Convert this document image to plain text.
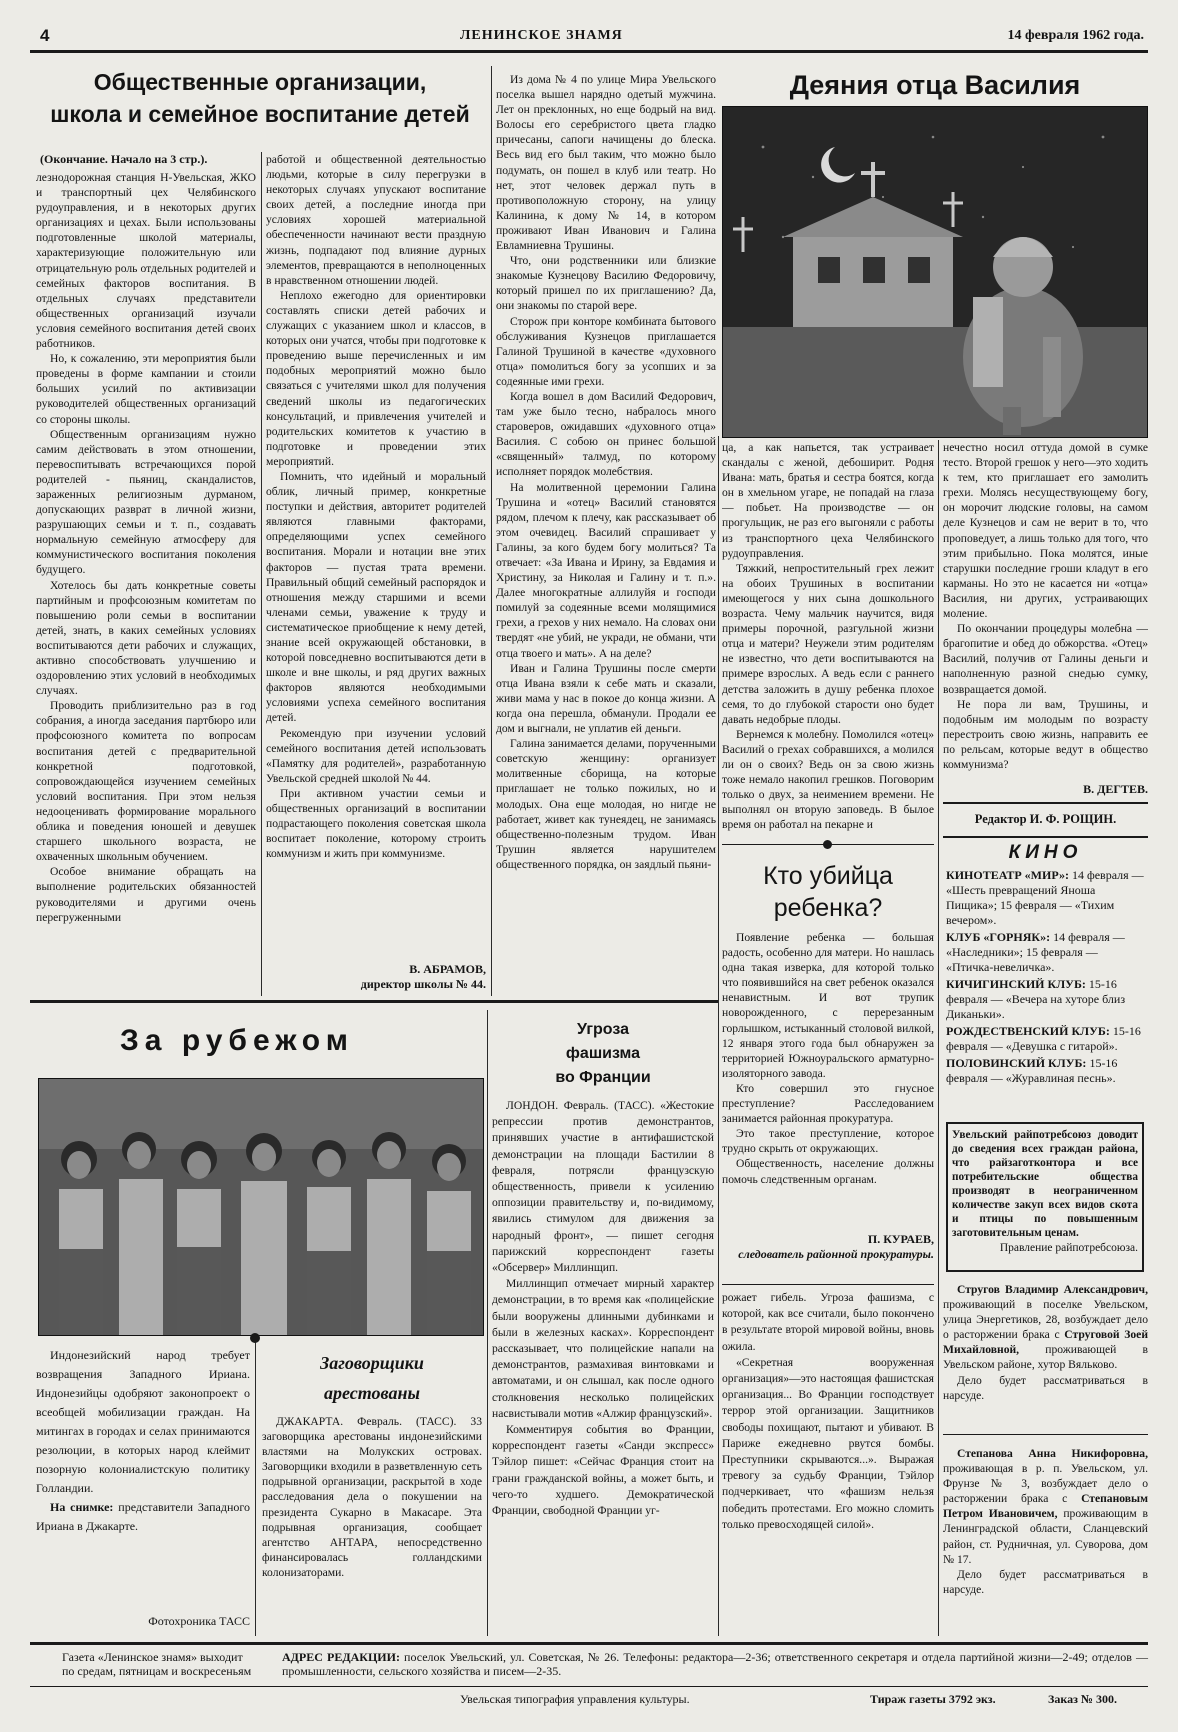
4	ЛЕНИНСКОЕ ЗНАМЯ	14 февраля 1962 года.
Общественные организации,
школа и семейное воспитание детей
(Окончание. Начало на 3 стр.).

лезнодорожная станция Н-Увельская, ЖКО и транспортный цех Челябинского рудоуправления, и в некоторых других организациях и цехах. Были использованы подготовленные школой материалы, характеризующие положительную или отрицательную роль отдельных родителей и семейных факторов воспитания. В отдельных случаях представители общественных организаций изучали условия семейного воспитания детей своих работников.

Но, к сожалению, эти мероприятия были проведены в форме кампании и стоили больших усилий по активизации руководителей общественных организаций со стороны школы.

Общественным организациям нужно самим действовать в этом отношении, перевоспитывать встречающихся порой родителей - пьяниц, скандалистов, зараженных религиозным дурманом, допускающих разврат в личной жизни, разрушающих семьи и т. п., создавать нормальную семейную атмосферу для коммунистического воспитания поколения будущего.

Хотелось бы дать конкретные советы партийным и профсоюзным комитетам по повышению роли семьи в воспитании детей, знать, в каких семейных условиях воспитываются дети рабочих и служащих, активно способствовать улучшению и оздоровлению этих условий в необходимых случаях.

Проводить приблизительно раз в год собрания, а иногда заседания партбюро или профсоюзного комитета по вопросам воспитания детей с предварительной конкретной подготовкой, сопровождающейся изучением семейных условий воспитания. При этом нельзя недооценивать формирование морального облика и поведения юношей и девушек старшего школьного возраста, не охваченных школьным обучением.

Особое внимание обращать на выполнение родительских обязанностей руководителями и другими очень перегруженными

работой и общественной деятельностью людьми, которые в силу перегрузки в некоторых случаях упускают воспитание своих детей, а последние иногда при условиях хорошей материальной обеспеченности начинают вести праздную жизнь, подпадают под влияние дурных элементов, превращаются в неполноценных в нравственном отношении людей.

Неплохо ежегодно для ориентировки составлять списки детей рабочих и служащих с указанием школ и классов, в которых они учатся, чтобы при подготовке к проведению выше перечисленных и им подобных мероприятий можно было связаться с учителями школ для получения сведений школы из педагогических консультаций, и привлечения учителей и родительских комитетов к участию в подготовке и проведении этих мероприятий.

Помнить, что идейный и моральный облик, личный пример, конкретные поступки и действия, авторитет родителей являются главными факторами, определяющими успех семейного воспитания. Морали и нотации вне этих факторов — пустая трата времени. Правильный общий семейный распорядок и отношения между старшими и всеми членами семьи, уважение к труду и систематическое приобщение к нему детей, знание всей окружающей обстановки, в которой повседневно воспитываются дети в школе и вне школы, и ряд других важных факторов являются необходимыми условиями успеха семейного воспитания детей.

Рекомендую при изучении условий семейного воспитания детей использовать «Памятку для родителей», разработанную Увельской средней школой № 44.

При активном участии семьи и общественных организаций в воспитании подрастающего поколения советская школа воспитает поколение, которому строить коммунизм и жить при коммунизме.

В. АБРАМОВ,
директор школы № 44.

Из дома № 4 по улице Мира Увельского поселка вышел нарядно одетый мужчина. Лет он преклонных, но еще бодрый на вид. Волосы его серебристого цвета гладко причесаны, сапоги начищены до блеска. Весь вид его был таким, что можно было подумать, он пошел в клуб или театр. Но нет, этот человек держал путь в противоположную сторону, на улицу Калинина, к дому № 14, в котором проживают Иван Иванович и Галина Евламниевна Трушины.

Что, они родственники или близкие знакомые Кузнецову Василию Федоровичу, который пришел по их приглашению? Да, они знакомы по старой вере.

Сторож при конторе комбината бытового обслуживания Кузнецов приглашается Галиной Трушиной в качестве «духовного отца» помолиться богу за усопших и за содеянные ими грехи.

Когда вошел в дом Василий Федорович, там уже было тесно, набралось много староверов, ожидавших «духовного отца» Василия. С собою он принес большой «священный» талмуд, по которому исполняет порядок молебствия.

На молитвенной церемонии Галина Трушина и «отец» Василий становятся рядом, плечом к плечу, как рассказывает об этом очевидец. Василий спрашивает у Галины, за кого будем богу молиться? Та отвечает: «За Ивана и Ирину, за Евдамия и Христину, за Николая и Галину и т. п.». Далее многократные аллилуйя и господи помилуй за содеянные всеми молящимися грехи, а грехов у них немало. На словах они твердят «не убий, не укради, не обмани, чти отца твоего и мать». А на деле?

Иван и Галина Трушины после смерти отца Ивана взяли к себе мать и сказали, живи мама у нас в покое до конца жизни. А когда она перешла, обманули. Продали ее дом и выгнали, не уплатив ей деньги.

Галина занимается делами, порученными советскую женщину: организует молитвенные сборища, на которые приглашает не только пожилых, но и молодых. Она еще молодая, но нигде не работает, живет как тунеядец, не занимаясь общественно-полезным трудом. Иван Трушин является нарушителем общественного порядка, он заядлый пьяни-

Деяния отца Василия

ца, а как напьется, так устраивает скандалы с женой, дебоширит. Родня Ивана: мать, братья и сестра боятся, когда он в хмельном угаре, не попадай на глаза — побьет. На производстве — он прогульщик, не раз его выгоняли с работы из транспортного цеха Челябинского рудоуправления.

Тяжкий, непростительный грех лежит на обоих Трушиных в воспитании имеющегося у них сына дошкольного возраста. Чему мальчик научится, видя примеры порочной, разгульной жизни отца и матери? Неужели этим родителям не известно, что дети воспитываются на примере взрослых. А ведь если с раннего детства заложить в душу ребенка плохое семя, то до глубокой старости оно будет давать недобрые плоды.

Вернемся к молебну. Помолился «отец» Василий о грехах собравшихся, а молился ли он о своих? Ведь он за свою жизнь тоже немало накопил грешков. Поговорим только о двух, за неимением времени. Не выполнял он вторую заповедь. В былое время он работал на пекарне и

нечестно носил оттуда домой в сумке тесто. Второй грешок у него—это ходить к тем, кто приглашает его замолить грехи. Молясь несуществующему богу, он морочит людские головы, на самом деле Кузнецов и сам не верит в то, что проповедует, а лишь только для того, что этим прибыльно. Пока молятся, иные старушки последние гроши кладут в его карманы. Но это не касается ни «отца» Василия, ни других, устраивающих моление.

По окончании процедуры молебна — брагопитие и обед до обжорства. «Отец» Василий, получив от Галины деньги и наполненную разной снедью сумку, возвращается домой.

Не пора ли вам, Трушины, и подобным им молодым по возрасту перестроить свою жизнь, направить ее по рельсам, которые ведут в общество коммунизма?

В. ДЕГТЕВ.
Редактор И. Ф. РОЩИН.
КИНО
КИНОТЕАТР «МИР»: 14 февраля — «Шесть превращений Яноша Пищика»; 15 февраля — «Тихим вечером».
КЛУБ «ГОРНЯК»: 14 февраля — «Наследники»; 15 февраля — «Птичка-невеличка».
КИЧИГИНСКИЙ КЛУБ: 15-16 февраля — «Вечера на хуторе близ Диканьки».
РОЖДЕСТВЕНСКИЙ КЛУБ: 15-16 февраля — «Девушка с гитарой».
ПОЛОВИНСКИЙ КЛУБ: 15-16 февраля — «Журавлиная песнь».
Увельский райпотребсоюз доводит до сведения всех граждан района, что райзаготконтора и все потребительские общества производят в неограниченном количестве закуп всех видов скота и птицы по повышенным заготовительным ценам.
Правление райпотребсоюза.

Стругов Владимир Александрович, проживающий в поселке Увельском, улица Энергетиков, 28, возбуждает дело о расторжении брака с Струговой Зоей Михайловной, проживающей в Увельском районе, хутор Вяльково.

Дело будет рассматриваться в нарсуде.

Степанова Анна Никифоровна, проживающая в р. п. Увельском, ул. Фрунзе № 3, возбуждает дело о расторжении брака с Степановым Петром Ивановичем, проживающим в Ленинградской области, Сланцевский район, ст. Рудничная, ул. Суворова, дом № 17.

Дело будет рассматриваться в нарсуде.

Кто убийца
ребенка?

Появление ребенка — большая радость, особенно для матери. Но нашлась одна такая изверка, для которой только что появившийся на свет ребенок оказался ненавистным. И вот трупик новорожденного, с перерезанным горлышком, истыканный столовой вилкой, 12 января этого года был обнаружен за территорией Южноуральского арматурно-изоляторного завода.

Кто совершил это гнусное преступление? Расследованием занимается районная прокуратура.

Это такое преступление, которое трудно скрыть от окружающих.

Общественность, население должны помочь следственным органам.

П. КУРАЕВ,
следователь районной прокуратуры.
За рубежом

Индонезийский народ требует возвращения Западного Ириана. Индонезийцы одобряют законопроект о всеобщей мобилизации граждан. На митингах в городах и селах принимаются резолюции, в которых народ клеймит позорную колониалистскую политику Голландии.

На снимке: представители Западного Ириана в Джакарте.

Фотохроника ТАСС
Заговорщики
арестованы

ДЖАКАРТА. Февраль. (ТАСС). 33 заговорщика арестованы индонезийскими властями на Молукских островах. Заговорщики входили в разветвленную сеть подрывной организации, раскрытой в ходе расследования дела о покушении на президента Сукарно в Макасаре. Эта подрывная организация, сообщает агентство АНТАРА, непосредственно финансировалась голландскими колонизаторами.

Угроза
фашизма
во Франции

ЛОНДОН. Февраль. (ТАСС). «Жестокие репрессии против демонстрантов, принявших участие в антифашистской демонстрации на площади Бастилии 8 февраля, потрясли французскую общественность, привели к усилению оппозиции правительству и, по-видимому, явились стимулом для движения за народный фронт», — пишет сегодня парижский корреспондент газеты «Обсервер» Миллинщип.

Миллинщип отмечает мирный характер демонстрации, в то время как «полицейские были вооружены длинными дубинками и были в железных касках». Корреспондент рассказывает, что полицейские напали на демонстрантов, размахивая винтовками и автоматами, и он слышал, как после одного столкновения несколько полицейских насвистывали мотив «Алжир французский».

Комментируя события во Франции, корреспондент газеты «Санди экспресс» Тэйлор пишет: «Сейчас Франция стоит на грани гражданской войны, а может быть, и чего-то худшего. Демократической Франции, свободной Франции уг-

рожает гибель. Угроза фашизма, с которой, как все считали, было покончено в результате второй мировой войны, вновь ожила.

«Секретная вооруженная организация»—это настоящая фашистская организация... Во Франции господствует террор этой организации. Защитников свободы похищают, пытают и убивают. В Париже ежедневно рвутся бомбы. Преступники скрываются...». Выражая тревогу за судьбу Франции, Тэйлор подчеркивает, что «фашизм нельзя победить протестами. Его можно сломить только превосходящей силой».

Газета «Ленинское знамя» выходит
по средам, пятницам и воскресеньям
АДРЕС РЕДАКЦИИ: поселок Увельский, ул. Советская, № 26. Телефоны: редактора—2-36; ответственного секретаря и отдела партийной жизни—2-49; отделов — промышленности, сельского хозяйства и писем—2-35.
Увельская типография управления культуры.	Тираж газеты 3792 экз.	Заказ № 300.
